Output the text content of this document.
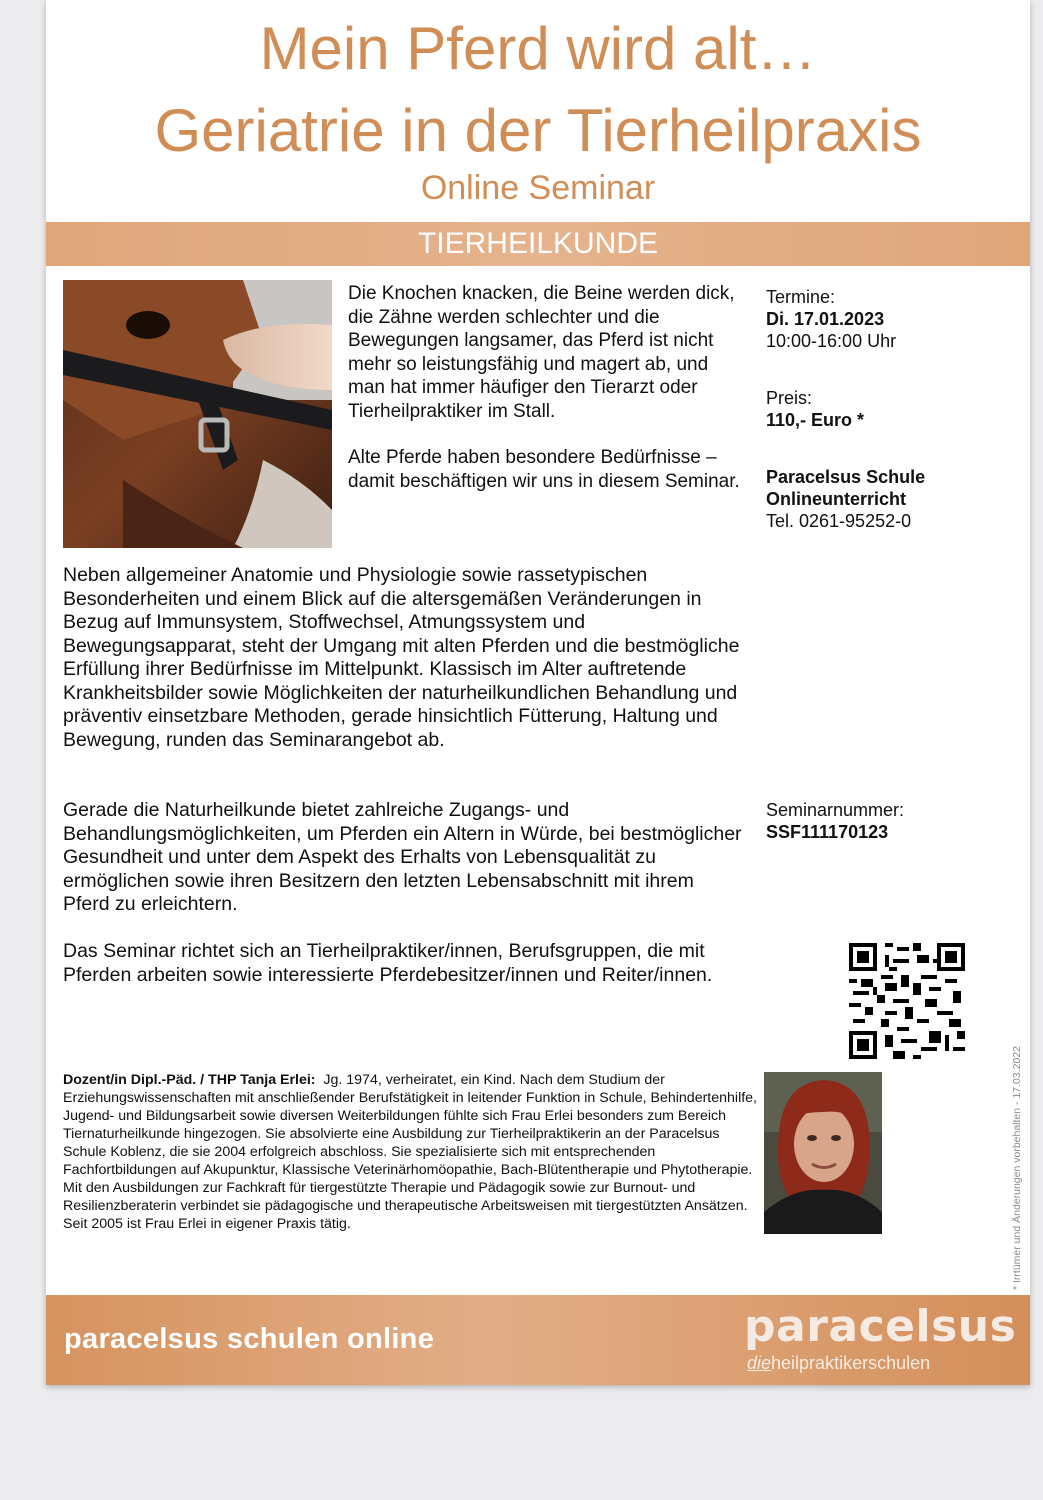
Mein Pferd wird alt…
Geriatrie in der Tierheilpraxis
Online Seminar
TIERHEILKUNDE

Die Knochen knacken, die Beine werden dick, die Zähne werden schlechter und die Bewegungen langsamer, das Pferd ist nicht mehr so leistungsfähig und magert ab, und man hat immer häufiger den Tierarzt oder Tierheilpraktiker im Stall.

Alte Pferde haben besondere Bedürfnisse – damit beschäftigen wir uns in diesem Seminar.

Termine:
Di. 17.01.2023
10:00-16:00 Uhr
Preis:
110,- Euro *
Paracelsus Schule
Onlineunterricht
Tel. 0261-95252-0
Seminarnummer:
SSF111170123

Neben allgemeiner Anatomie und Physiologie sowie rassetypischen Besonderheiten und einem Blick auf die altersgemäßen Veränderungen in Bezug auf Immunsystem, Stoffwechsel, Atmungssystem und Bewegungsapparat, steht der Umgang mit alten Pferden und die bestmögliche Erfüllung ihrer Bedürfnisse im Mittelpunkt. Klassisch im Alter auftretende Krankheitsbilder sowie Möglichkeiten der naturheilkundlichen Behandlung und präventiv einsetzbare Methoden, gerade hinsichtlich Fütterung, Haltung und Bewegung, runden das Seminarangebot ab.

Gerade die Naturheilkunde bietet zahlreiche Zugangs- und Behandlungsmöglichkeiten, um Pferden ein Altern in Würde, bei bestmöglicher Gesundheit und unter dem Aspekt des Erhalts von Lebensqualität zu ermöglichen sowie ihren Besitzern den letzten Lebensabschnitt mit ihrem Pferd zu erleichtern.

Das Seminar richtet sich an Tierheilpraktiker/innen, Berufsgruppen, die mit Pferden arbeiten sowie interessierte Pferdebesitzer/innen und Reiter/innen.

Dozent/in Dipl.-Päd. / THP Tanja Erlei: Jg. 1974, verheiratet, ein Kind. Nach dem Studium der Erziehungswissenschaften mit anschließender Berufstätigkeit in leitender Funktion in Schule, Behindertenhilfe, Jugend- und Bildungsarbeit sowie diversen Weiterbildungen fühlte sich Frau Erlei besonders zum Bereich Tiernaturheilkunde hingezogen. Sie absolvierte eine Ausbildung zur Tierheilpraktikerin an der Paracelsus Schule Koblenz, die sie 2004 erfolgreich abschloss. Sie spezialisierte sich mit entsprechenden Fachfortbildungen auf Akupunktur, Klassische Veterinärhomöopathie, Bach-Blütentherapie und Phytotherapie. Mit den Ausbildungen zur Fachkraft für tiergestützte Therapie und Pädagogik sowie zur Burnout- und Resilienzberaterin verbindet sie pädagogische und therapeutische Arbeitsweisen mit tiergestützten Ansätzen. Seit 2005 ist Frau Erlei in eigener Praxis tätig.
paracelsus schulen online	paracelsus
dieheilpraktikerschulen
* Irrtümer und Änderungen vorbehalten - 17.03.2022
